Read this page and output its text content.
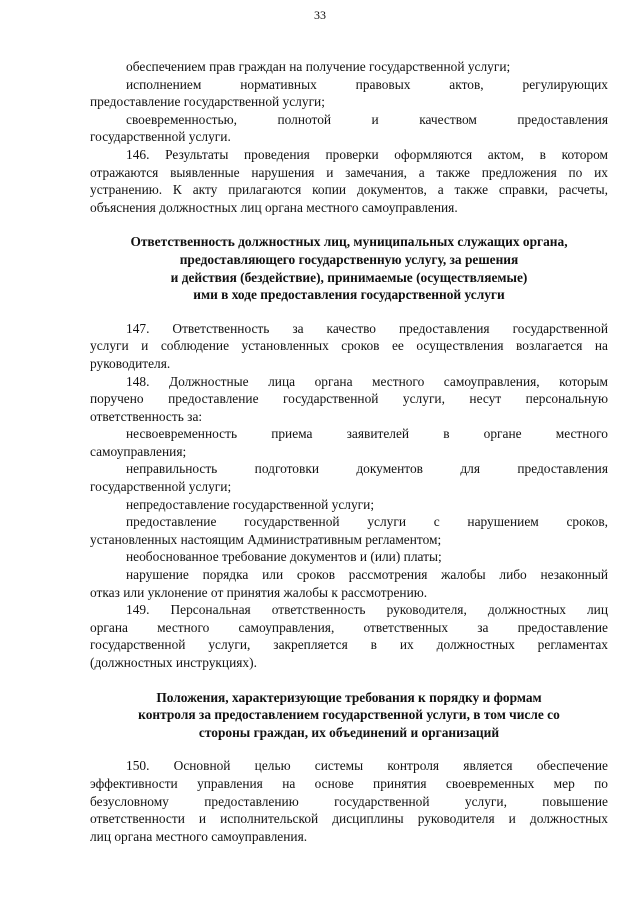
33
обеспечением прав граждан на получение государственной услуги;
исполнением нормативных правовых актов, регулирующих
предоставление государственной услуги;
своевременностью, полнотой и качеством предоставления
государственной услуги.
146. Результаты проведения проверки оформляются актом, в котором
отражаются выявленные нарушения и замечания, а также предложения по их
устранению. К акту прилагаются копии документов, а также справки, расчеты,
объяснения должностных лиц органа местного самоуправления.
Ответственность должностных лиц, муниципальных служащих органа,
предоставляющего государственную услугу, за решения
и действия (бездействие), принимаемые (осуществляемые)
ими в ходе предоставления государственной услуги
147. Ответственность за качество предоставления государственной
услуги и соблюдение установленных сроков ее осуществления возлагается на
руководителя.
148. Должностные лица органа местного самоуправления, которым
поручено предоставление государственной услуги, несут персональную
ответственность за:
несвоевременность приема заявителей в органе местного
самоуправления;
неправильность подготовки документов для предоставления
государственной услуги;
непредоставление государственной услуги;
предоставление государственной услуги с нарушением сроков,
установленных настоящим Административным регламентом;
необоснованное требование документов и (или) платы;
нарушение порядка или сроков рассмотрения жалобы либо незаконный
отказ или уклонение от принятия жалобы к рассмотрению.
149. Персональная ответственность руководителя, должностных лиц
органа местного самоуправления, ответственных за предоставление
государственной услуги, закрепляется в их должностных регламентах
(должностных инструкциях).
Положения, характеризующие требования к порядку и формам
контроля за предоставлением государственной услуги, в том числе со
стороны граждан, их объединений и организаций
150. Основной целью системы контроля является обеспечение
эффективности управления на основе принятия своевременных мер по
безусловному предоставлению государственной услуги, повышение
ответственности и исполнительской дисциплины руководителя и должностных
лиц органа местного самоуправления.
